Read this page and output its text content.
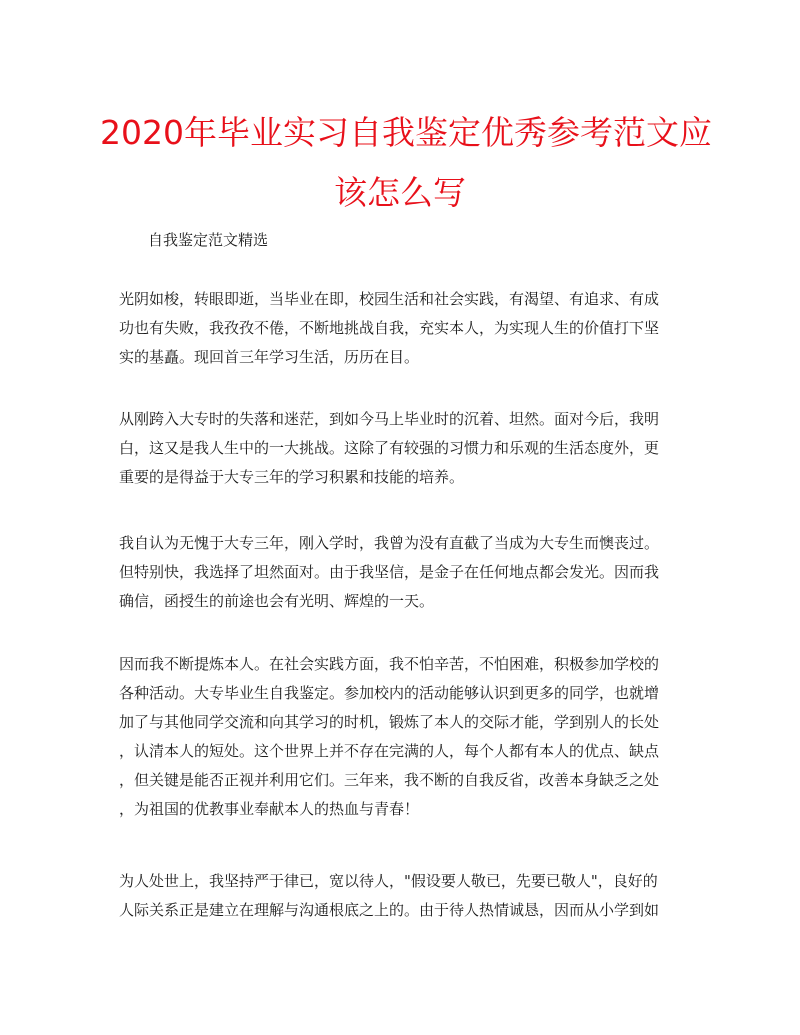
2020年毕业实习自我鉴定优秀参考范文应
该怎么写
自我鉴定范文精选
光阴如梭，转眼即逝，当毕业在即，校园生活和社会实践，有渴望、有追求、有成
功也有失败，我孜孜不倦，不断地挑战自我，充实本人，为实现人生的价值打下坚
实的基矗。现回首三年学习生活，历历在目。
从刚跨入大专时的失落和迷茫，到如今马上毕业时的沉着、坦然。面对今后，我明
白，这又是我人生中的一大挑战。这除了有较强的习惯力和乐观的生活态度外，更
重要的是得益于大专三年的学习积累和技能的培养。
我自认为无愧于大专三年，刚入学时，我曾为没有直截了当成为大专生而懊丧过。
但特别快，我选择了坦然面对。由于我坚信，是金子在任何地点都会发光。因而我
确信，函授生的前途也会有光明、辉煌的一天。
因而我不断提炼本人。在社会实践方面，我不怕辛苦，不怕困难，积极参加学校的
各种活动。大专毕业生自我鉴定。参加校内的活动能够认识到更多的同学，也就增
加了与其他同学交流和向其学习的时机，锻炼了本人的交际才能，学到别人的长处
，认清本人的短处。这个世界上并不存在完满的人，每个人都有本人的优点、缺点
，但关键是能否正视并利用它们。三年来，我不断的自我反省，改善本身缺乏之处
，为祖国的优教事业奉献本人的热血与青春！
为人处世上，我坚持严于律已，宽以待人，"假设要人敬已，先要已敬人"，良好的
人际关系正是建立在理解与沟通根底之上的。由于待人热情诚恳，因而从小学到如
